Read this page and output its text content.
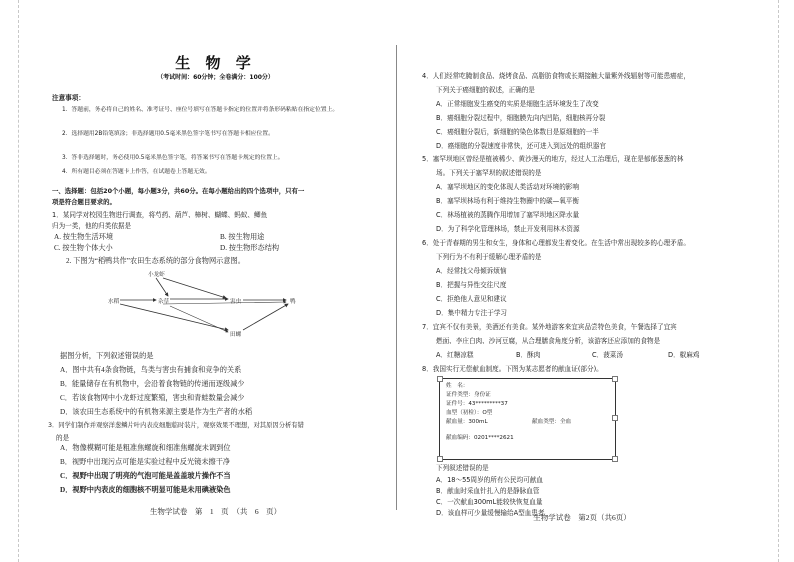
生 物 学
（考试时间：60分钟；全卷满分：100分）
注意事项：
1．答题前，务必将自己的姓名、准考证号、座位号填写在答题卡指定的位置并将条形码粘贴在指定位置上。
2．选择题用2B铅笔填涂；非选择题用0.5毫米黑色签字笔书写在答题卡相应位置。
3．答非选择题时，务必使用0.5毫米黑色签字笔，将答案书写在答题卡规定的位置上。
4．所有题目必须在答题卡上作答，在试题卷上答题无效。
一、选择题：包括20个小题，每小题3分，共60分。在每小题给出的四个选项中，只有一
项是符合题目要求的。
1．某同学对校园生物进行调查，将芍药、葫芦、樟树、蝴蝶、蚂蚁、鲫鱼
归为一类，他的归类依据是
A. 按生物生活环境	B. 按生物用途
C. 按生物个体大小	D. 按生物形态结构
2. 下图为“稻鸭共作”农田生态系统的部分食物网示意图。
小龙虾
水稻	杂草	害虫	鸭
田螺
据图分析，下列叙述错误的是
A．图中共有4条食物链，鸟类与害虫有捕食和竞争的关系
B．能量储存在有机物中，会沿着食物链的传递而逐级减少
C．若该食物网中小龙虾过度繁殖，害虫和青蛙数量会减少
D．该农田生态系统中的有机物来源主要是作为生产者的水稻
3．同学们制作并观察洋葱鳞片叶内表皮细胞临时装片，观察效果不理想，对其原因分析有错
的是
A．物像模糊可能是粗准焦螺旋和细准焦螺旋未调到位
B．视野中出现污点可能是实验过程中反光镜未擦干净
C．视野中出现了明亮的气泡可能是盖盖玻片操作不当
D．视野中内表皮的细胞核不明显可能是未用碘液染色
生物学试卷　第　1　页　（共　6　页）
4．人们经常吃腌制食品、烧烤食品、高脂肪食物或长期接触大量紫外线辐射等可能患癌症，
下列关于癌细胞的叙述，正确的是
A．正常细胞发生癌变的实质是细胞生活环境发生了改变
B．癌细胞分裂过程中，细胞膜先向内凹陷，细胞核再分裂
C．癌细胞分裂后，新细胞的染色体数目是原细胞的一半
D．癌细胞的分裂速度非常快，还可进入到远处的组织器官
5．塞罕坝地区曾经是植被稀少、黄沙漫天的地方，经过人工治理后，现在是郁郁葱葱的林
场。下列关于塞罕坝的叙述错误的是
A．塞罕坝地区的变化体现人类活动对环境的影响
B．塞罕坝林场有利于维持生物圈中的碳—氧平衡
C．林场植被的蒸腾作用增加了塞罕坝地区降水量
D．为了科学化管理林场，禁止开发利用林木资源
6．处于青春期的男生和女生，身体和心理都发生着变化。在生活中常出现较多的心理矛盾。
下列行为不有利于缓解心理矛盾的是
A．经常找父母倾诉烦恼
B．把握与异性交往尺度
C．拒绝他人意见和建议
D．集中精力专注于学习
7．宜宾不仅有美景，美酒还有美食。某外地游客来宜宾品尝特色美食，午餐选择了宜宾
燃面、李庄白肉、沙河豆腐，从合理膳食角度分析，该游客还应添加的食物是
A．红糖凉糕	B．酥肉	C．菠菜汤	D．椒麻鸡
8．我国实行无偿献血制度。下图为某志愿者的献血证(部分)。
姓　名：
证件类型：身份证
证件号：43*********37
血型（初检）：O型
献血量：300mL	献血类型：全血
献血编码：0201****2621
下列叙述错误的是
A．18～55周岁的所有公民均可献血
B．献血时采血针扎入的是静脉血管
C．一次献血300mL能较快恢复血量
D．该血样可少量缓慢输给A型血患者
生物学试卷　第2页（共6页）
